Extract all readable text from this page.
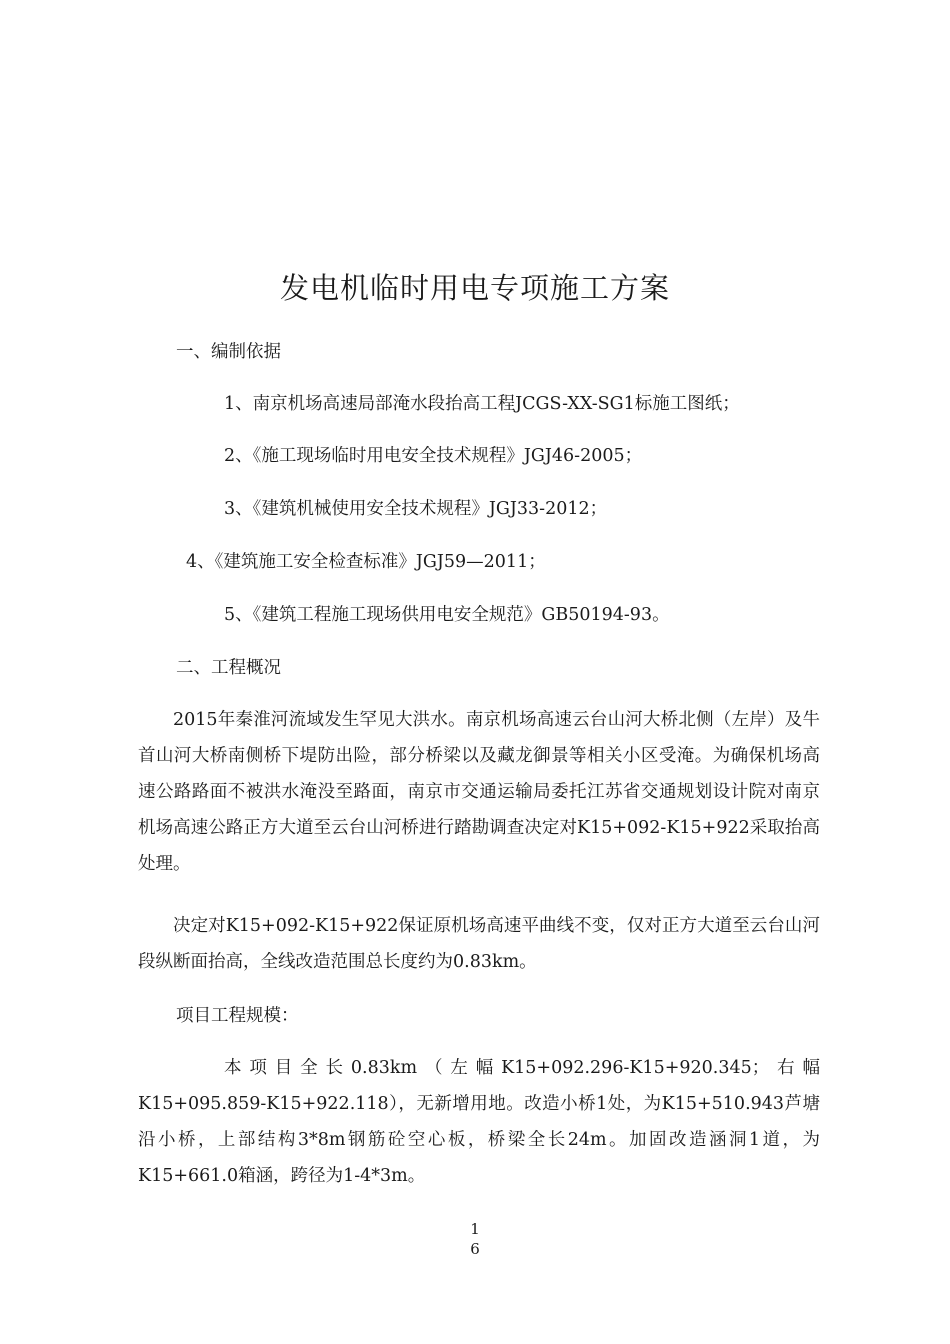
发电机临时用电专项施工方案
一、编制依据
1、南京机场高速局部淹水段抬高工程JCGS-XX-SG1标施工图纸；
2、《施工现场临时用电安全技术规程》JGJ46-2005；
3、《建筑机械使用安全技术规程》JGJ33-2012；
4、《建筑施工安全检查标准》JGJ59—2011；
5、《建筑工程施工现场供用电安全规范》GB50194-93。
二、工程概况
2015年秦淮河流域发生罕见大洪水。南京机场高速云台山河大桥北侧（左岸）及牛首山河大桥南侧桥下堤防出险，部分桥梁以及藏龙御景等相关小区受淹。为确保机场高速公路路面不被洪水淹没至路面，南京市交通运输局委托江苏省交通规划设计院对南京机场高速公路正方大道至云台山河桥进行踏勘调查决定对K15+092-K15+922采取抬高处理。
决定对K15+092-K15+922保证原机场高速平曲线不变，仅对正方大道至云台山河段纵断面抬高，全线改造范围总长度约为0.83km。
项目工程规模：
本项目全长0.83km（左幅K15+092.296-K15+920.345；右幅
K15+095.859-K15+922.118），无新增用地。改造小桥1处，为K15+510.943芦塘沿小桥，上部结构3*8m钢筋砼空心板，桥梁全长24m。加固改造涵洞1道，为K15+661.0箱涵，跨径为1-4*3m。
1
6
